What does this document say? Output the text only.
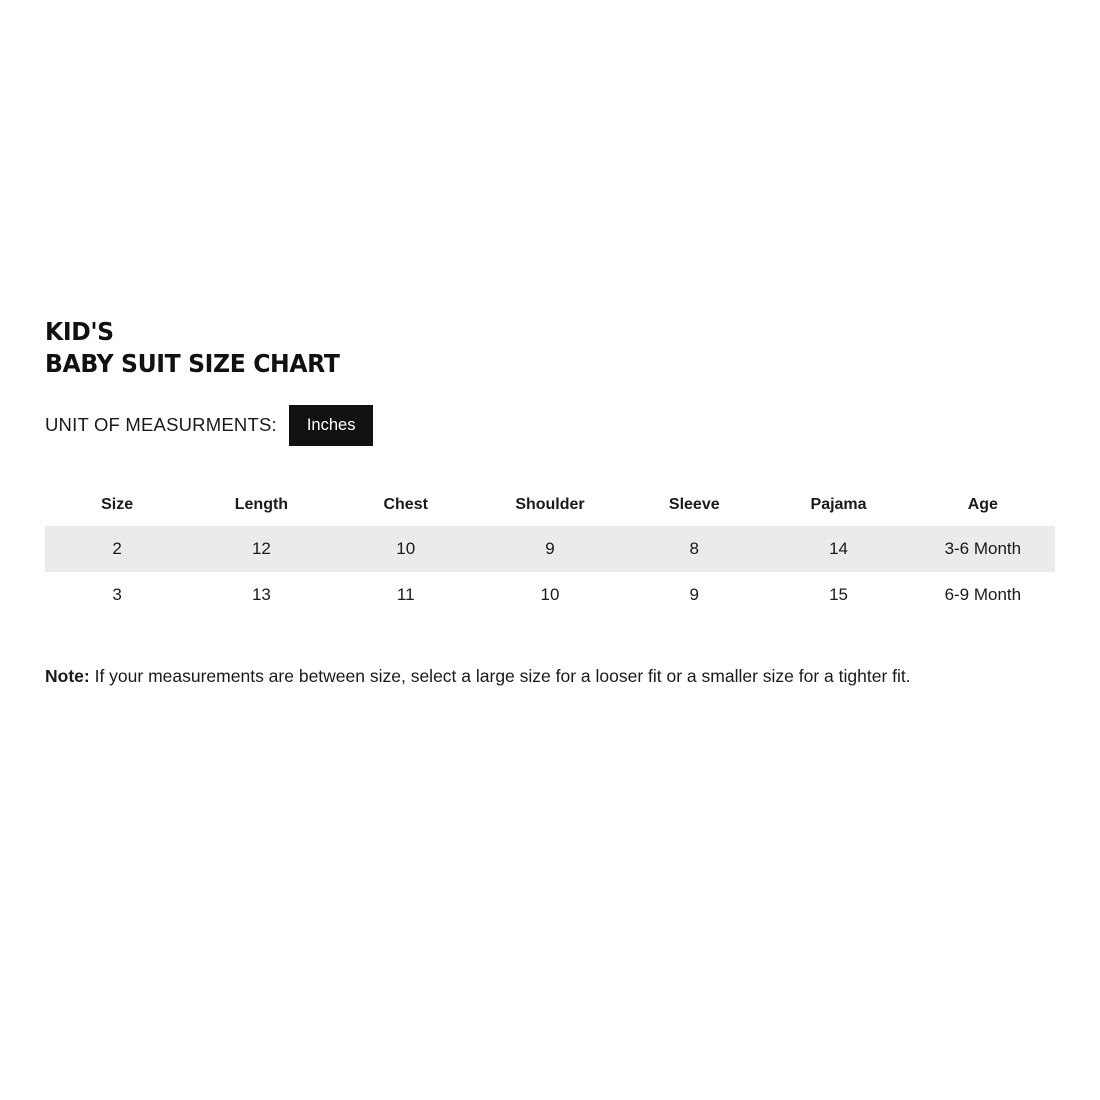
KID'S
BABY SUIT SIZE CHART
UNIT OF MEASURMENTS:	Inches
Size	Length	Chest	Shoulder	Sleeve	Pajama	Age
2	12	10	9	8	14	3-6 Month
3	13	11	10	9	15	6-9 Month
Note: If your measurements are between size, select a large size for a looser fit or a smaller size for a tighter fit.
